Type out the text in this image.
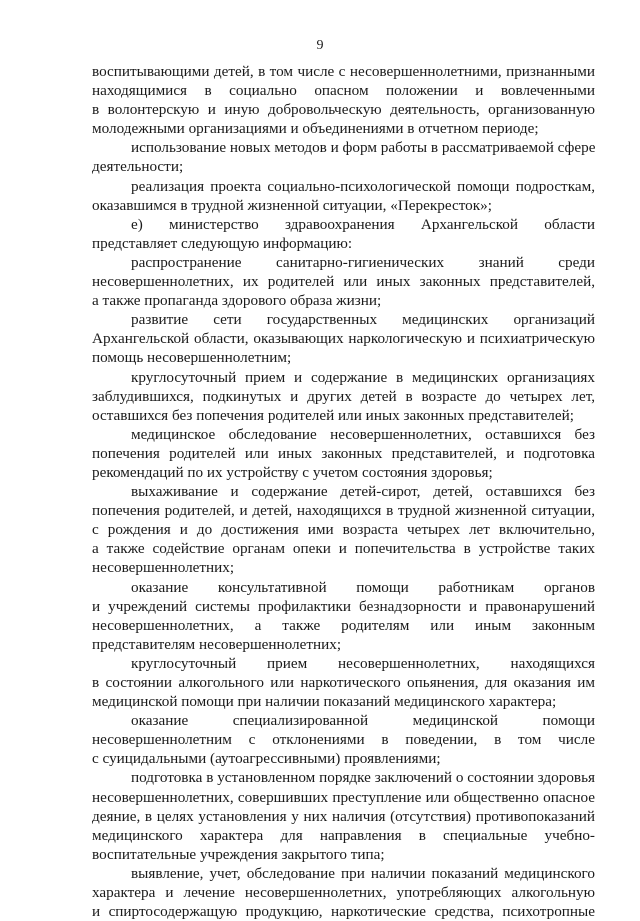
9
воспитывающими детей, в том числе с несовершеннолетними, признанными
находящимися в социально опасном положении и вовлеченными
в волонтерскую и иную добровольческую деятельность, организованную
молодежными организациями и объединениями в отчетном периоде;
использование новых методов и форм работы в рассматриваемой сфере
деятельности;
реализация проекта социально-психологической помощи подросткам,
оказавшимся в трудной жизненной ситуации, «Перекресток»;
е) министерство здравоохранения Архангельской области
представляет следующую информацию:
распространение санитарно-гигиенических знаний среди
несовершеннолетних, их родителей или иных законных представителей,
а также пропаганда здорового образа жизни;
развитие сети государственных медицинских организаций
Архангельской области, оказывающих наркологическую и психиатрическую
помощь несовершеннолетним;
круглосуточный прием и содержание в медицинских организациях
заблудившихся, подкинутых и других детей в возрасте до четырех лет,
оставшихся без попечения родителей или иных законных представителей;
медицинское обследование несовершеннолетних, оставшихся без
попечения родителей или иных законных представителей, и подготовка
рекомендаций по их устройству с учетом состояния здоровья;
выхаживание и содержание детей-сирот, детей, оставшихся без
попечения родителей, и детей, находящихся в трудной жизненной ситуации,
с рождения и до достижения ими возраста четырех лет включительно,
а также содействие органам опеки и попечительства в устройстве таких
несовершеннолетних;
оказание консультативной помощи работникам органов
и учреждений системы профилактики безнадзорности и правонарушений
несовершеннолетних, а также родителям или иным законным
представителям несовершеннолетних;
круглосуточный прием несовершеннолетних, находящихся
в состоянии алкогольного или наркотического опьянения, для оказания им
медицинской помощи при наличии показаний медицинского характера;
оказание специализированной медицинской помощи
несовершеннолетним с отклонениями в поведении, в том числе
с суицидальными (аутоагрессивными) проявлениями;
подготовка в установленном порядке заключений о состоянии здоровья
несовершеннолетних, совершивших преступление или общественно опасное
деяние, в целях установления у них наличия (отсутствия) противопоказаний
медицинского характера для направления в специальные учебно-
воспитательные учреждения закрытого типа;
выявление, учет, обследование при наличии показаний медицинского
характера и лечение несовершеннолетних, употребляющих алкогольную
и спиртосодержащую продукцию, наркотические средства, психотропные
